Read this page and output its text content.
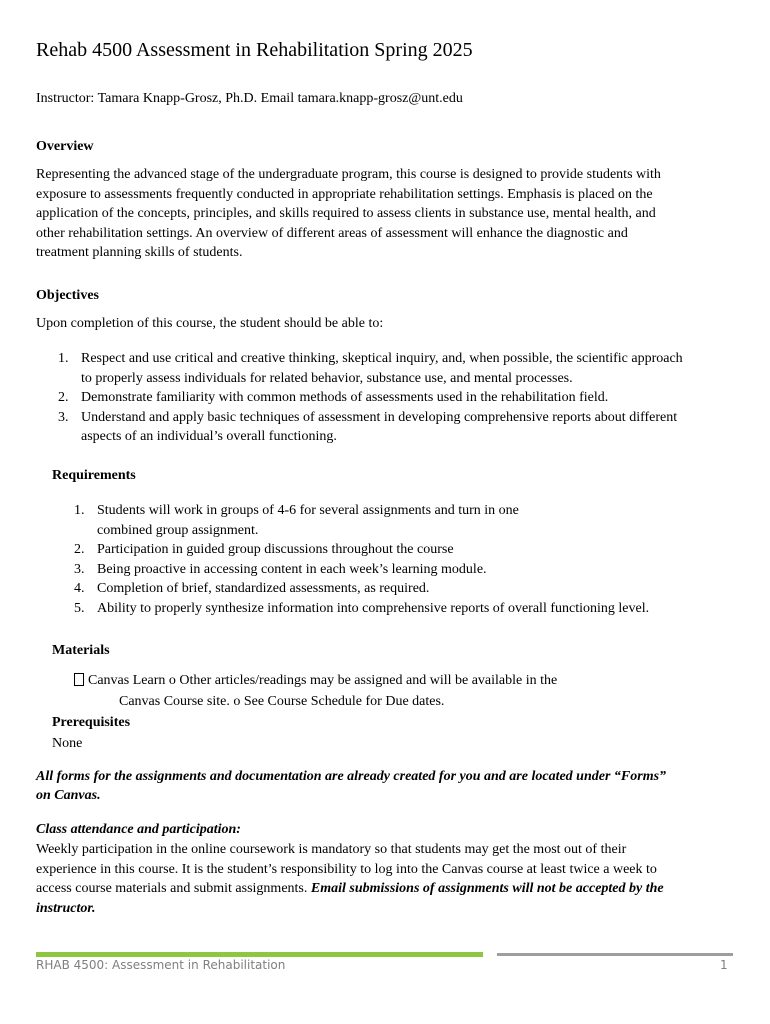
Rehab 4500 Assessment in Rehabilitation Spring 2025
Instructor: Tamara Knapp-Grosz, Ph.D. Email tamara.knapp-grosz@unt.edu
Overview
Representing the advanced stage of the undergraduate program, this course is designed to provide students with
exposure to assessments frequently conducted in appropriate rehabilitation settings. Emphasis is placed on the
application of the concepts, principles, and skills required to assess clients in substance use, mental health, and
other rehabilitation settings. An overview of different areas of assessment will enhance the diagnostic and
treatment planning skills of students.
Objectives
Upon completion of this course, the student should be able to:
1. Respect and use critical and creative thinking, skeptical inquiry, and, when possible, the scientific approach
to properly assess individuals for related behavior, substance use, and mental processes.
2. Demonstrate familiarity with common methods of assessments used in the rehabilitation field.
3. Understand and apply basic techniques of assessment in developing comprehensive reports about different
aspects of an individual’s overall functioning.
Requirements
1. Students will work in groups of 4-6 for several assignments and turn in one
combined group assignment.
2. Participation in guided group discussions throughout the course
3. Being proactive in accessing content in each week’s learning module.
4. Completion of brief, standardized assessments, as required.
5. Ability to properly synthesize information into comprehensive reports of overall functioning level.
Materials
Canvas Learn o Other articles/readings may be assigned and will be available in the
Canvas Course site. o See Course Schedule for Due dates.
Prerequisites
None
All forms for the assignments and documentation are already created for you and are located under “Forms”
on Canvas.
Class attendance and participation:
Weekly participation in the online coursework is mandatory so that students may get the most out of their
experience in this course. It is the student’s responsibility to log into the Canvas course at least twice a week to
access course materials and submit assignments. Email submissions of assignments will not be accepted by the
instructor.
RHAB 4500: Assessment in Rehabilitation	1
